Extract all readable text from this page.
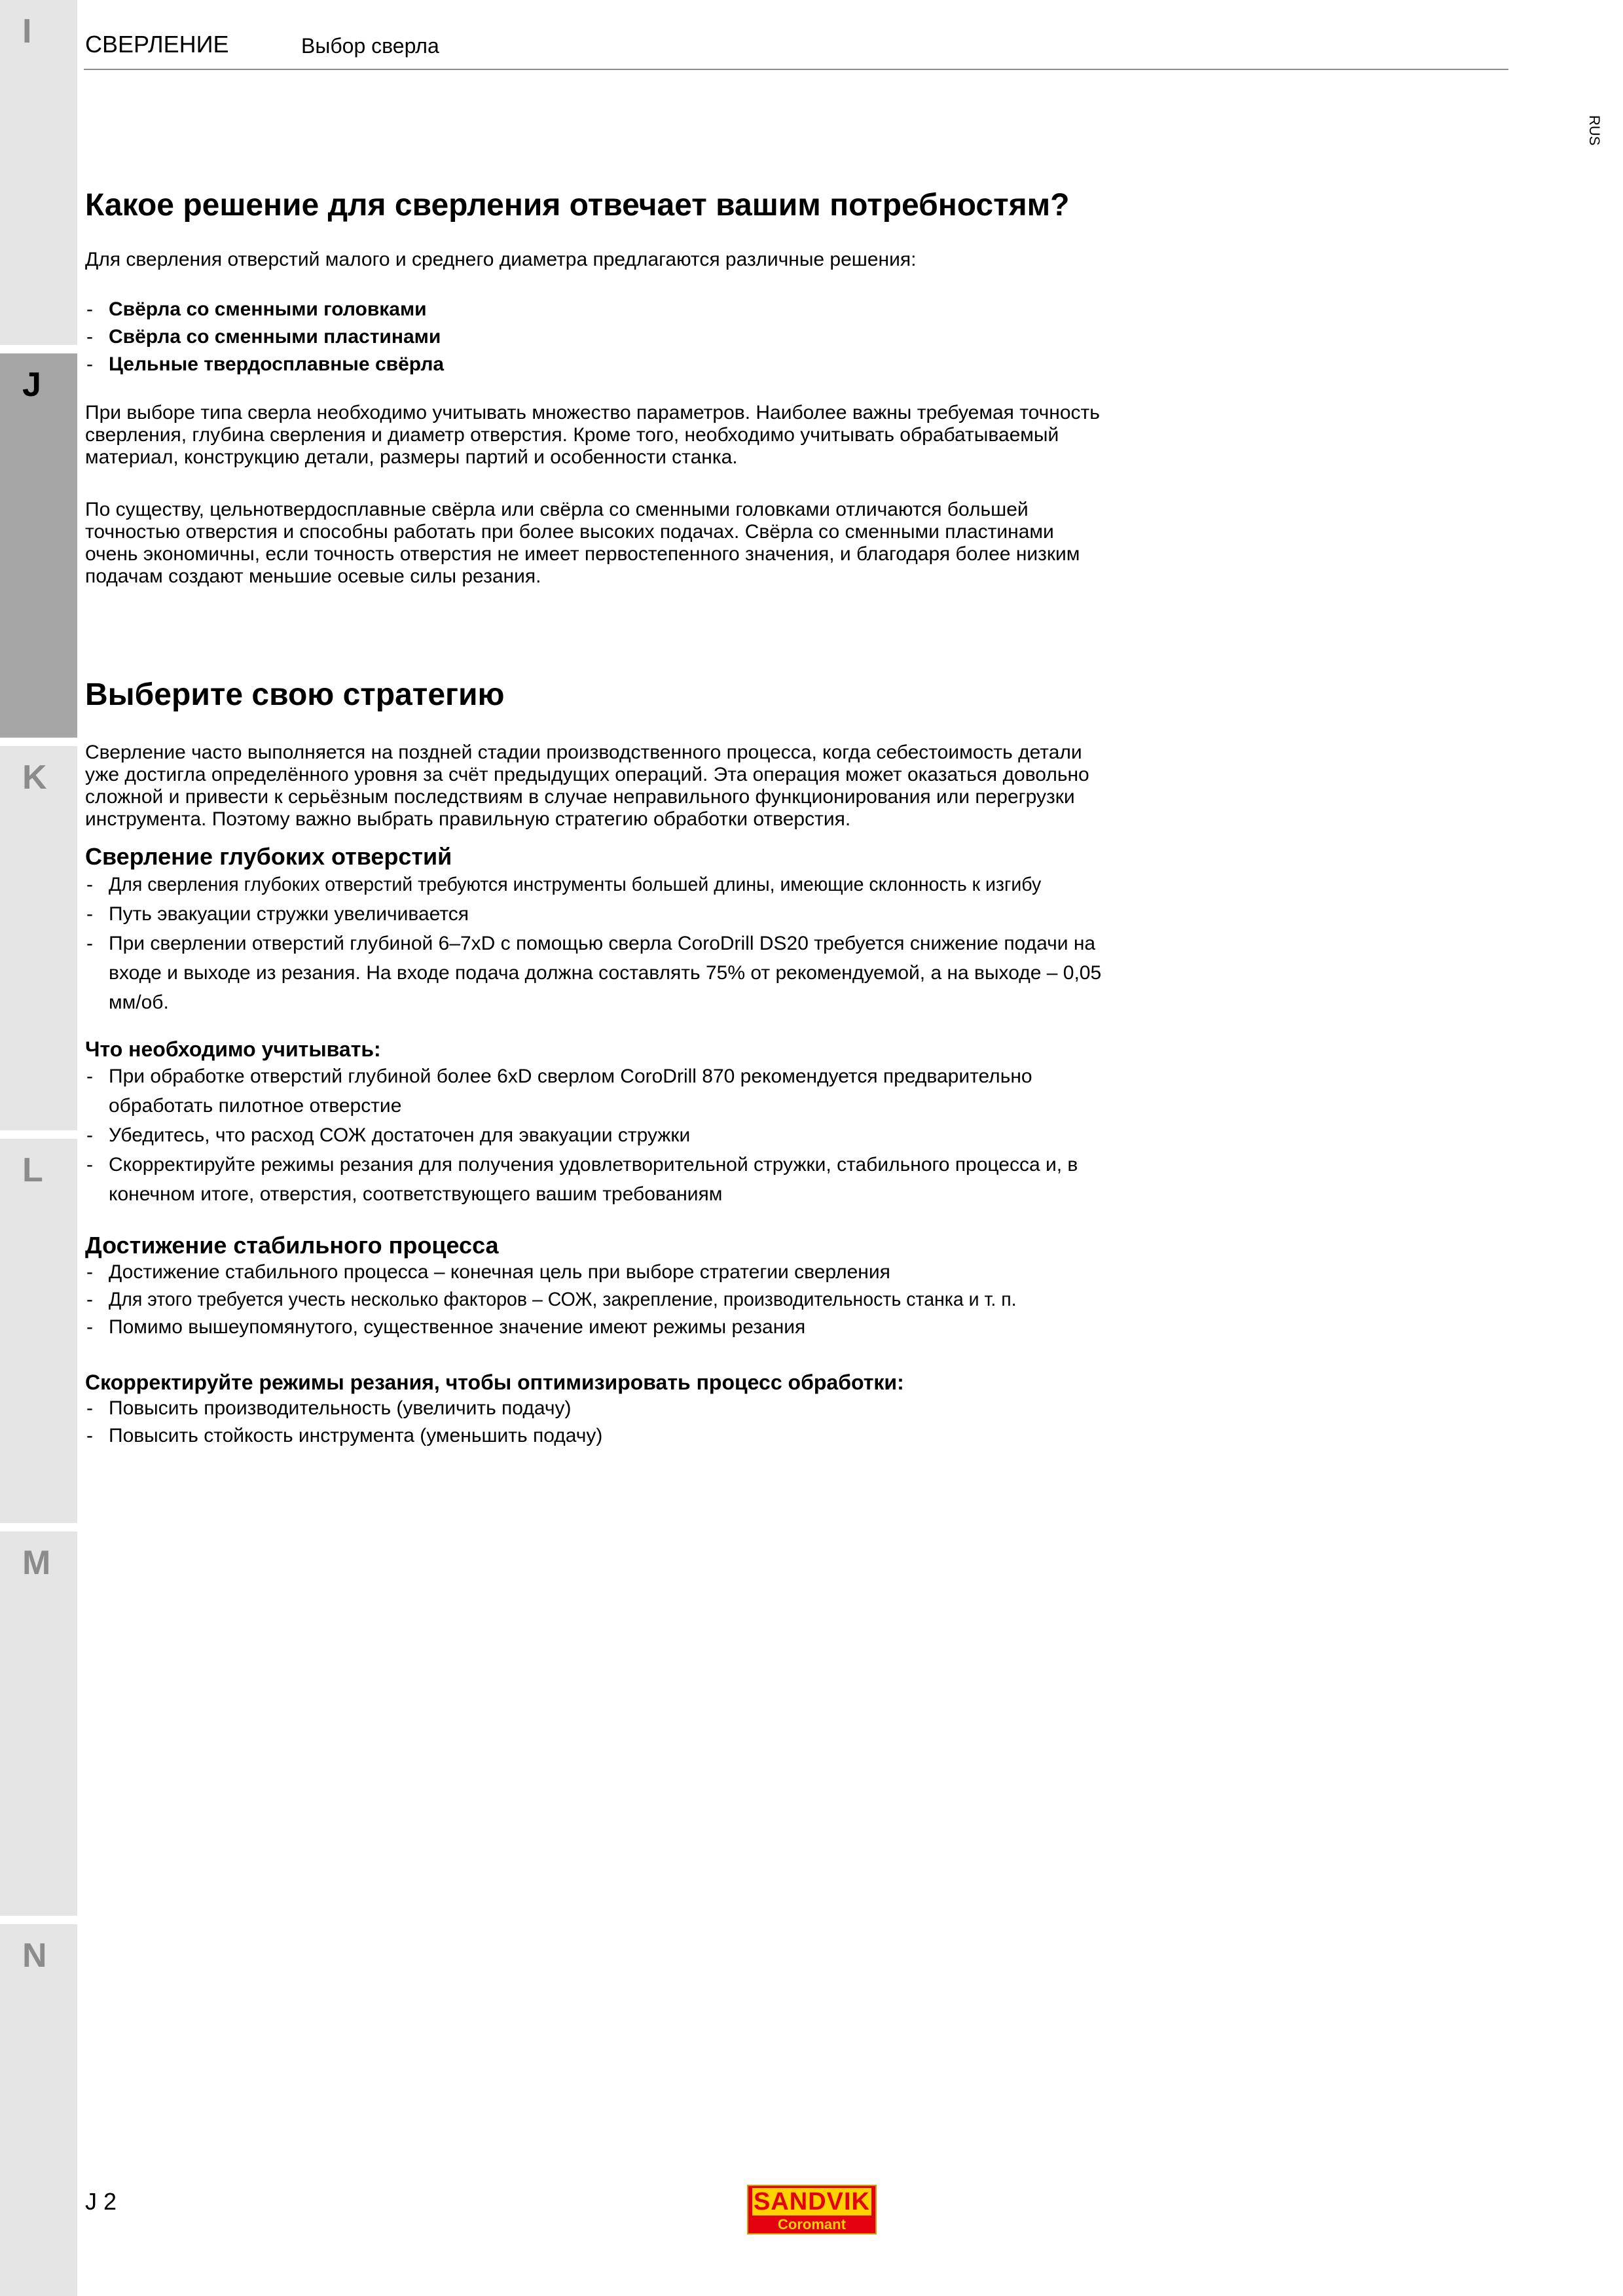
I
J
K
L
M
N
СВЕРЛЕНИЕ	Выбор сверла
RUS
Какое решение для сверления отвечает вашим потребностям?

Для сверления отверстий малого и среднего диаметра предлагаются различные решения:

- Свёрла со сменными головками
- Свёрла со сменными пластинами
- Цельные твердосплавные свёрла

При выборе типа сверла необходимо учитывать множество параметров. Наиболее важны требуемая точность сверления, глубина сверления и диаметр отверстия. Кроме того, необходимо учитывать обрабатываемый материал, конструкцию детали, размеры партий и особенности станка.

По существу, цельнотвердосплавные свёрла или свёрла со сменными головками отличаются большей точностью отверстия и способны работать при более высоких подачах. Свёрла со сменными пластинами очень экономичны, если точность отверстия не имеет первостепенного значения, и благодаря более низким подачам создают меньшие осевые силы резания.

Выберите свою стратегию

Сверление часто выполняется на поздней стадии производственного процесса, когда себестоимость детали уже достигла определённого уровня за счёт предыдущих операций. Эта операция может оказаться довольно сложной и привести к серьёзным последствиям в случае неправильного функционирования или перегрузки инструмента. Поэтому важно выбрать правильную стратегию обработки отверстия.

Сверление глубоких отверстий
- Для сверления глубоких отверстий требуются инструменты большей длины, имеющие склонность к изгибу
- Путь эвакуации стружки увеличивается
- При сверлении отверстий глубиной 6–7xD с помощью сверла CoroDrill DS20 требуется снижение подачи на входе и выходе из резания. На входе подача должна составлять 75% от рекомендуемой, а на выходе – 0,05 мм/об.

Что необходимо учитывать:

- При обработке отверстий глубиной более 6xD сверлом CoroDrill 870 рекомендуется предварительно обработать пилотное отверстие
- Убедитесь, что расход СОЖ достаточен для эвакуации стружки
- Скорректируйте режимы резания для получения удовлетворительной стружки, стабильного процесса и, в конечном итоге, отверстия, соответствующего вашим требованиям
Достижение стабильного процесса
- Достижение стабильного процесса – конечная цель при выборе стратегии сверления
- Для этого требуется учесть несколько факторов – СОЖ, закрепление, производительность станка и т. п.
- Помимо вышеупомянутого, существенное значение имеют режимы резания

Скорректируйте режимы резания, чтобы оптимизировать процесс обработки:

- Повысить производительность (увеличить подачу)
- Повысить стойкость инструмента (уменьшить подачу)
J 2	SANDVIK
Coromant
